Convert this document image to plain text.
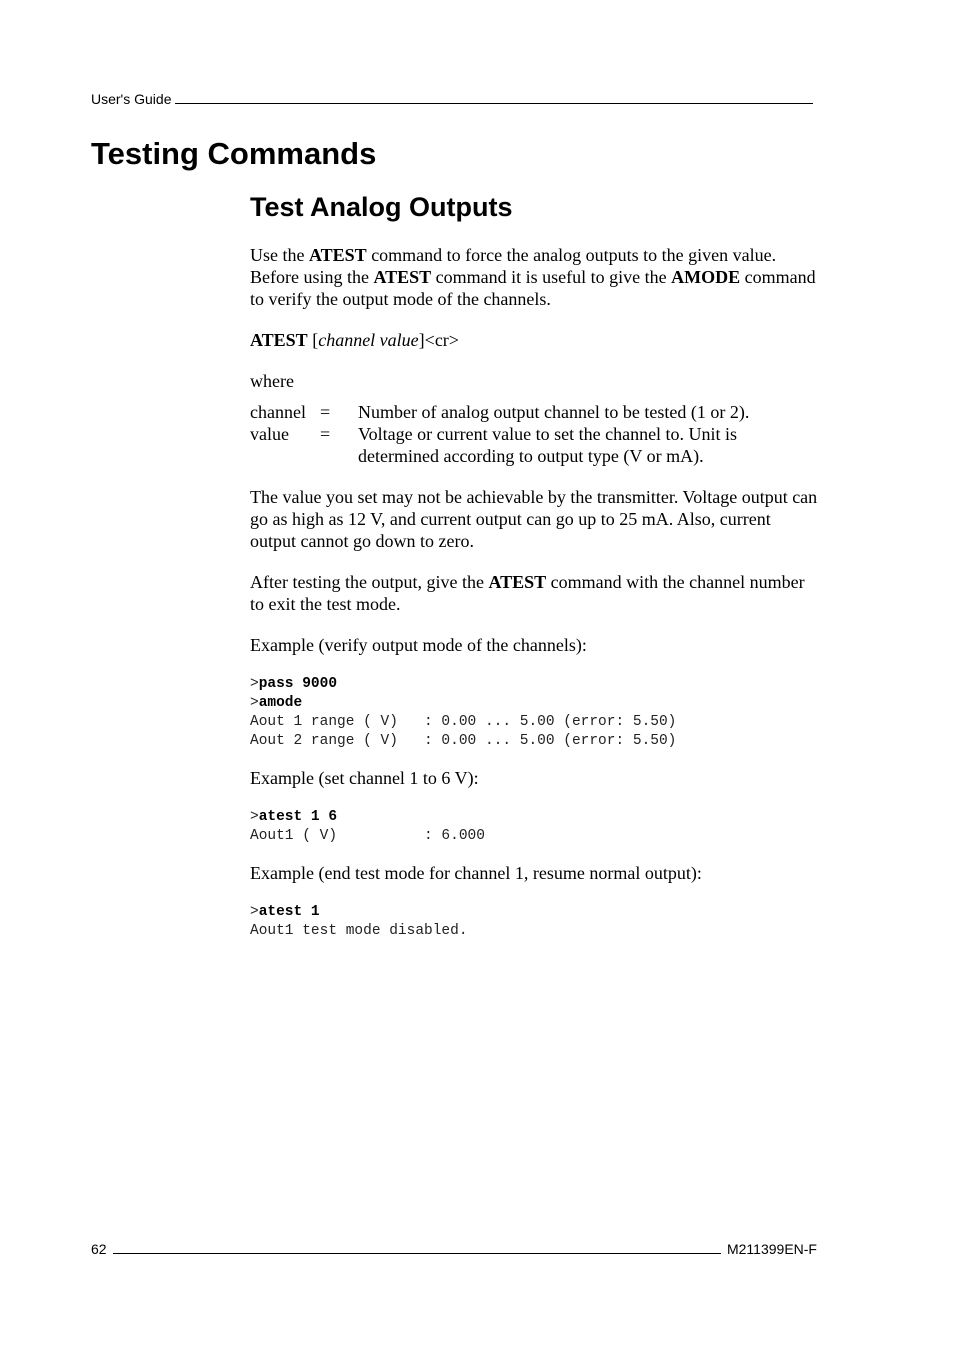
User's Guide
Testing Commands
Test Analog Outputs

Use the ATEST command to force the analog outputs to the given value. Before using the ATEST command it is useful to give the AMODE command to verify the output mode of the channels.

ATEST [channel value]<cr>

where

channel	=	Number of analog output channel to be tested (1 or 2).
value	=	Voltage or current value to set the channel to. Unit is determined according to output type (V or mA).

The value you set may not be achievable by the transmitter. Voltage output can go as high as 12 V, and current output can go up to 25 mA. Also, current output cannot go down to zero.

After testing the output, give the ATEST command with the channel number to exit the test mode.

Example (verify output mode of the channels):

>pass 9000
>amode
Aout 1 range ( V)   : 0.00 ... 5.00 (error: 5.50)
Aout 2 range ( V)   : 0.00 ... 5.00 (error: 5.50)

Example (set channel 1 to 6 V):

>atest 1 6
Aout1 ( V)          : 6.000

Example (end test mode for channel 1, resume normal output):

>atest 1
Aout1 test mode disabled.
62	M211399EN-F
